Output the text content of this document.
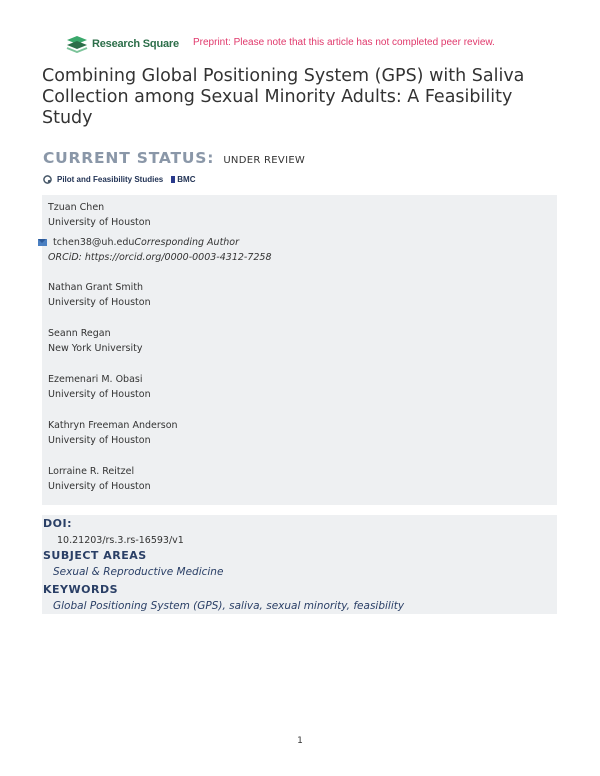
Research Square Preprint: Please note that this article has not completed peer review.
Combining Global Positioning System (GPS) with Saliva Collection among Sexual Minority Adults: A Feasibility Study
CURRENT STATUS: UNDER REVIEW
Pilot and Feasibility Studies BMC
Tzuan Chen
University of Houston
tchen38@uh.edu Corresponding Author
ORCiD: https://orcid.org/0000-0003-4312-7258
Nathan Grant Smith
University of Houston
Seann Regan
New York University
Ezemenari M. Obasi
University of Houston
Kathryn Freeman Anderson
University of Houston
Lorraine R. Reitzel
University of Houston
DOI:
10.21203/rs.3.rs-16593/v1
SUBJECT AREAS
Sexual & Reproductive Medicine
KEYWORDS
Global Positioning System (GPS), saliva, sexual minority, feasibility
1
